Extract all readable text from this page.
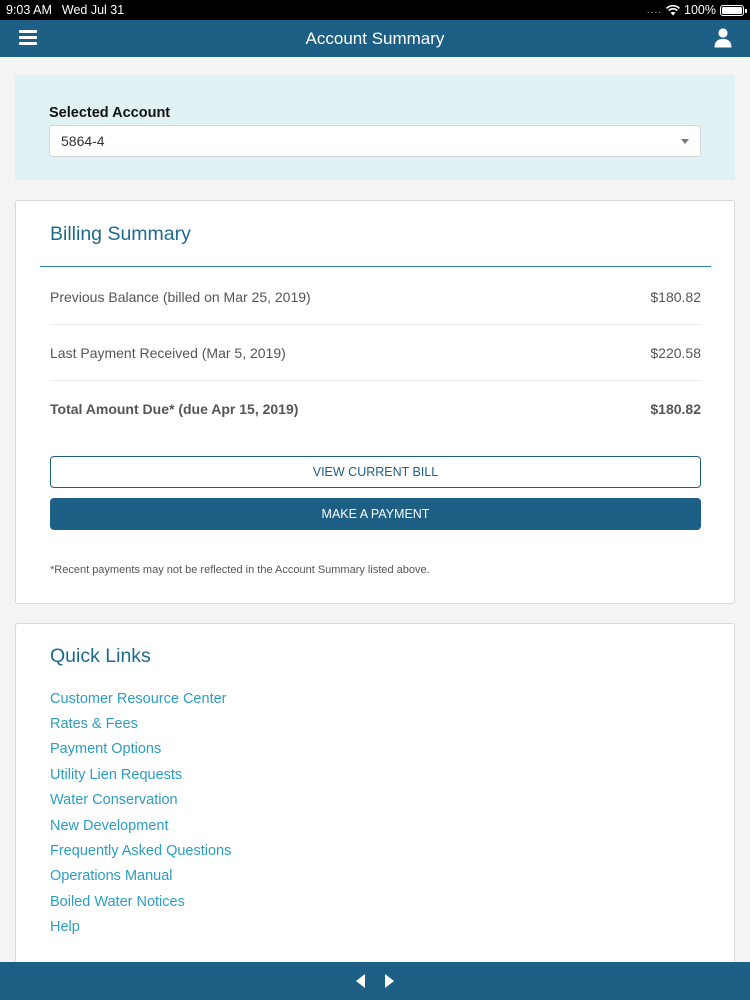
9:03 AM Wed Jul 31	.... 100%
Account Summary
Selected Account
5864-4
Billing Summary
Previous Balance (billed on Mar 25, 2019)	$180.82
Last Payment Received (Mar 5, 2019)	$220.58
Total Amount Due* (due Apr 15, 2019)	$180.82
VIEW CURRENT BILL
MAKE A PAYMENT
*Recent payments may not be reflected in the Account Summary listed above.
Quick Links
Customer Resource Center
Rates & Fees
Payment Options
Utility Lien Requests
Water Conservation
New Development
Frequently Asked Questions
Operations Manual
Boiled Water Notices
Help
